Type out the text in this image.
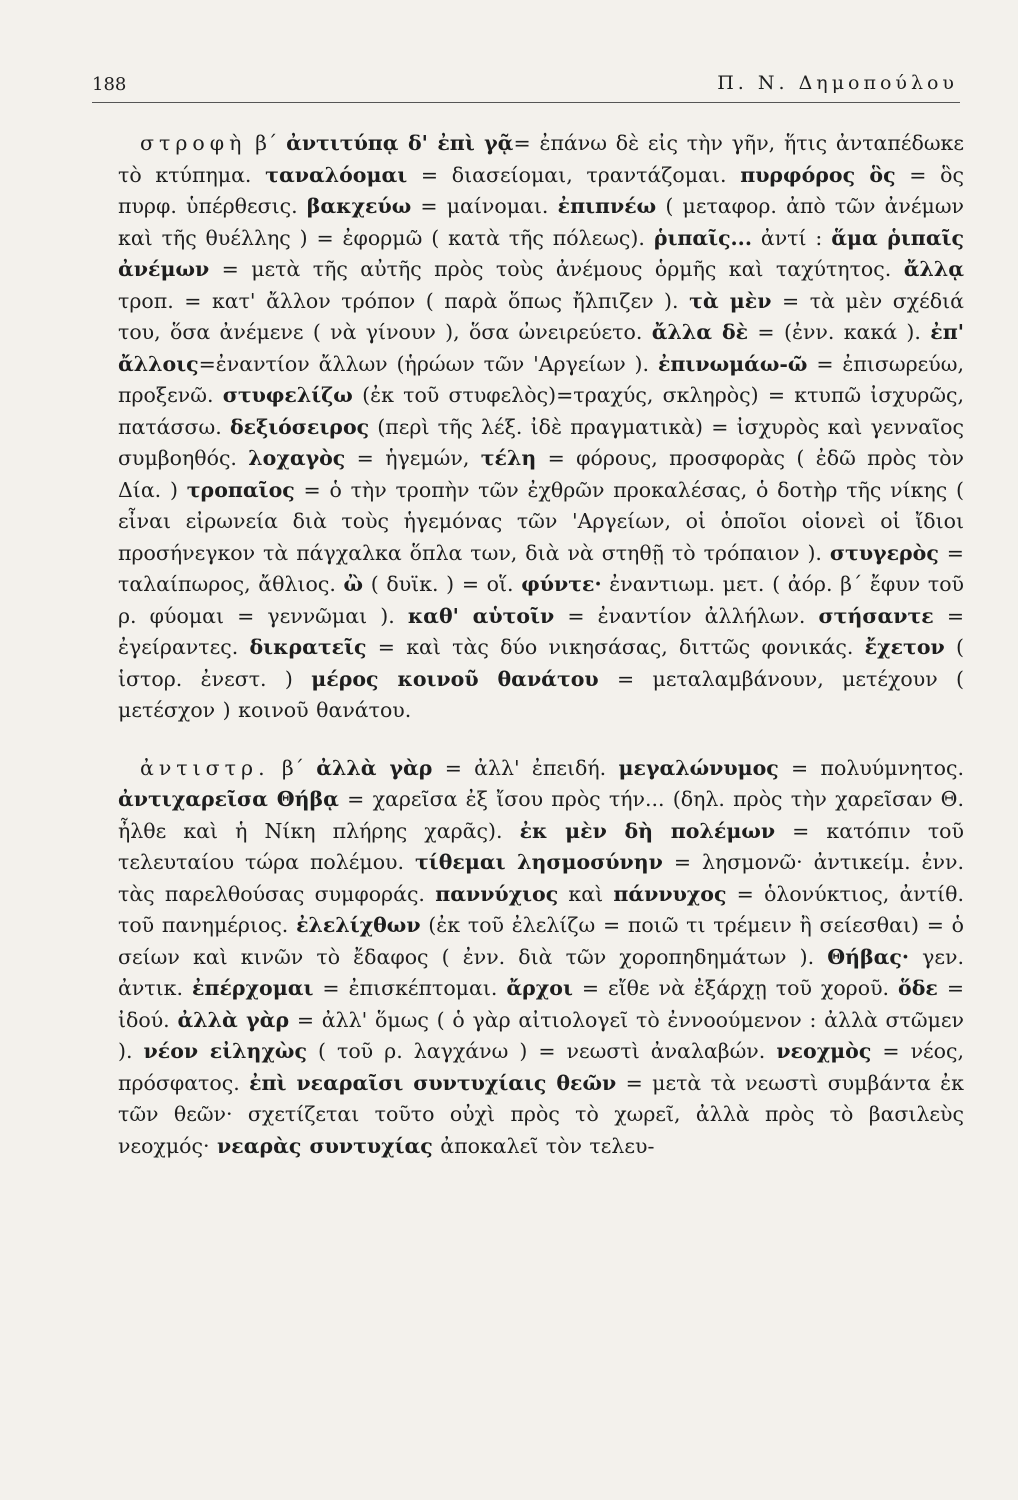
188	Π. Ν. Δημοπούλου

στροφὴ β΄ ἀντιτύπᾳ δ' ἐπὶ γᾷ= ἐπάνω δὲ εἰς τὴν γῆν, ἥτις ἀνταπέδωκε τὸ κτύπημα. ταναλόομαι = διασείομαι, τραντάζομαι. πυρφόρος ὃς = ὃς πυρφ. ὑπέρθεσις. βακχεύω = μαίνομαι. ἐπιπνέω ( μεταφορ. ἀπὸ τῶν ἀνέμων καὶ τῆς θυέλλης ) = ἐφορμῶ ( κατὰ τῆς πόλεως). ῥιπαῖς... ἀντί : ἅμα ῥιπαῖς ἀνέμων = μετὰ τῆς αὐτῆς πρὸς τοὺς ἀνέμους ὁρμῆς καὶ ταχύτητος. ἄλλᾳ τροπ. = κατ' ἄλλον τρόπον ( παρὰ ὅπως ἤλπιζεν ). τὰ μὲν = τὰ μὲν σχέδιά του, ὅσα ἀνέμενε ( νὰ γίνουν ), ὅσα ὠνειρεύετο. ἄλλα δὲ = (ἐνν. κακά ). ἐπ' ἄλλοις=ἐναντίον ἄλλων (ἡρώων τῶν 'Αργείων ). ἐπινωμάω-ῶ = ἐπισωρεύω, προξενῶ. στυφελίζω (ἐκ τοῦ στυφελὸς)=τραχύς, σκληρὸς) = κτυπῶ ἰσχυρῶς, πατάσσω. δεξιόσειρος (περὶ τῆς λέξ. ἰδὲ πραγματικὰ) = ἰσχυρὸς καὶ γενναῖος συμβοηθός. λοχαγὸς = ἡγεμών, τέλη = φόρους, προσφορὰς ( ἐδῶ πρὸς τὸν Δία. ) τροπαῖος = ὁ τὴν τροπὴν τῶν ἐχθρῶν προκαλέσας, ὁ δοτὴρ τῆς νίκης ( εἶναι εἰρωνεία διὰ τοὺς ἡγεμόνας τῶν 'Αργείων, οἱ ὁποῖοι οἱονεὶ οἱ ἴδιοι προσήνεγκον τὰ πάγχαλκα ὅπλα των, διὰ νὰ στηθῇ τὸ τρόπαιον ). στυγερὸς = ταλαίπωρος, ἄθλιος. ὢ ( δυϊκ. ) = οἵ. φύντε· ἐναντιωμ. μετ. ( ἀόρ. β΄ ἔφυν τοῦ ρ. φύομαι = γεννῶμαι ). καθ' αὑτοῖν = ἐναντίον ἀλλήλων. στήσαντε = ἐγείραντες. δικρατεῖς = καὶ τὰς δύο νικησάσας, διττῶς φονικάς. ἔχετον ( ἱστορ. ἐνεστ. ) μέρος κοινοῦ θανάτου = μεταλαμβάνουν, μετέχουν ( μετέσχον ) κοινοῦ θανάτου.

ἀντιστρ. β΄ ἀλλὰ γὰρ = ἀλλ' ἐπειδή. μεγαλώνυμος = πολυύμνητος. ἀντιχαρεῖσα Θήβᾳ = χαρεῖσα ἐξ ἴσου πρὸς τήν... (δηλ. πρὸς τὴν χαρεῖσαν Θ. ἦλθε καὶ ἡ Νίκη πλήρης χαρᾶς). ἐκ μὲν δὴ πολέμων = κατόπιν τοῦ τελευταίου τώρα πολέμου. τίθεμαι λησμοσύνην = λησμονῶ· ἀντικείμ. ἐνν. τὰς παρελθούσας συμφοράς. παννύχιος καὶ πάννυχος = ὁλονύκτιος, ἀντίθ. τοῦ πανημέριος. ἐλελίχθων (ἐκ τοῦ ἐλελίζω = ποιῶ τι τρέμειν ἢ σείεσθαι) = ὁ σείων καὶ κινῶν τὸ ἔδαφος ( ἐνν. διὰ τῶν χοροπηδημάτων ). Θήβας· γεν. ἀντικ. ἐπέρχομαι = ἐπισκέπτομαι. ἄρχοι = εἴθε νὰ ἐξάρχῃ τοῦ χοροῦ. ὅδε = ἰδού. ἀλλὰ γὰρ = ἀλλ' ὅμως ( ὁ γὰρ αἰτιολογεῖ τὸ ἐννοούμενον : ἀλλὰ στῶμεν ). νέον εἰληχὼς ( τοῦ ρ. λαγχάνω ) = νεωστὶ ἀναλαβών. νεοχμὸς = νέος, πρόσφατος. ἐπὶ νεαραῖσι συντυχίαις θεῶν = μετὰ τὰ νεωστὶ συμβάντα ἐκ τῶν θεῶν· σχετίζεται τοῦτο οὐχὶ πρὸς τὸ χωρεῖ, ἀλλὰ πρὸς τὸ βασιλεὺς νεοχμός· νεαρὰς συντυχίας ἀποκαλεῖ τὸν τελευ-
